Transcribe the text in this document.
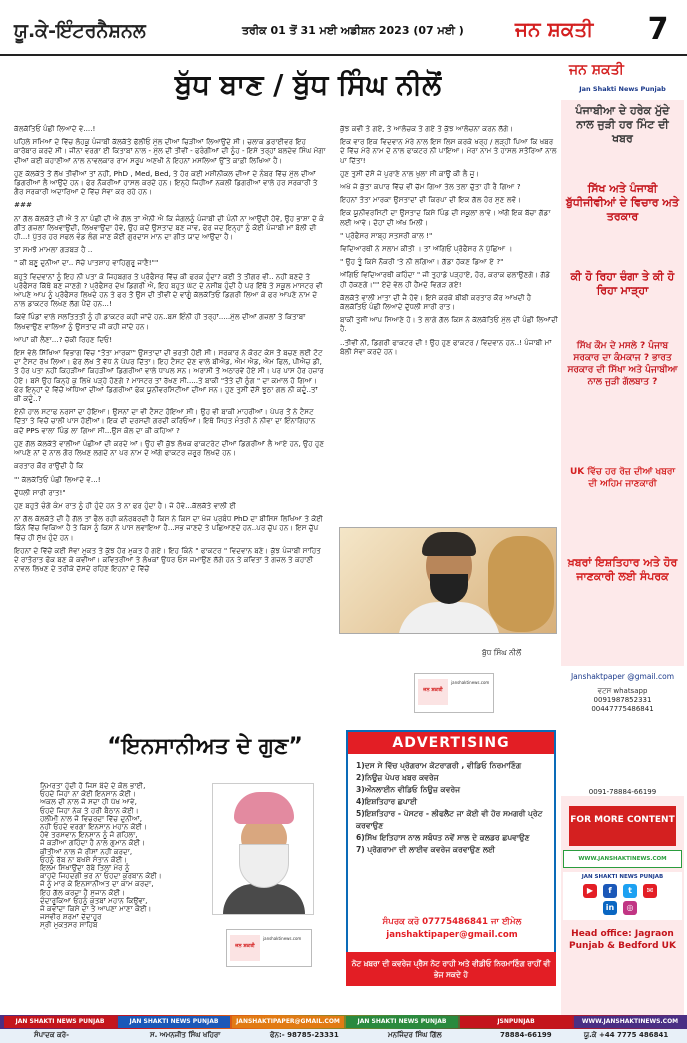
ਯੂ.ਕੇ-ਇੰਟਰਨੈਸ਼ਨਲ	ਤਰੀਕ 01 ਤੋਂ 31 ਮਈ ਅਡੀਸ਼ਨ 2023 (07 ਮਈ )	ਜਨ ਸ਼ਕਤੀ	7
ਬੁੱਧ ਬਾਣ / ਬੁੱਧ ਸਿੰਘ ਨੀਲੋਂ

ਕੱਲਕੱਤਿਓਂ ਪੰਛੀ ਲਿਆਦੇ ਵੇ....!

ਪਹਿਲੇ ਸਮਿਆਂ ਦੇ ਵਿੱਚ ਲੋਹਕੂ ਪੰਜਾਬੀ ਕੱਲਕੱਤੇ ਫੱਲੀਓ ਮੁੱਲ ਦੀਆਂ ਚਿੜੀਆਂ ਲਿਆਉਂਦੇ ਸੀ। ਚਲਾਕ ਡਰਾਈਵਰ ਇਹ ਕਾਰੋਬਾਰ ਕਰਦੇ ਸੀ। ਜੀਨਾ ਵਰਗਾ ਈ ਕਿਤਾਬਾਂ ਨਾਲ - ਮੁੱਲ ਦੀ ਤੀਵੀਂ - ਫਰੰਗੀਆਂ ਦੀ ਨੂੰਹ - ਇਸੇ ਤਰ੍ਹਾਂ ਬਲਦੇਵ ਸਿੰਘ ਮੋਗਾ ਦੀਆਂ ਕਈ ਕਹਾਣੀਆਂ ਨਾਲ ਨਾਵਲਕਾਰ ਰਾਮ ਸਰੂਪ ਅਣਖੀ ਨੇ ਇਹਨਾਂ ਮਸਲਿਆਂ ਉੱਤੇ ਕਾਫ਼ੀ ਲਿਖਿਆ ਹੈ।

ਹੁਣ ਕੱਲਕੱਤੇ ਤੋਂ ਲੱਖ ਤੀਵੀਆਂ ਤਾਂ ਨਹੀਂ, PhD , Med, Bed, ਤੇ ਹੋਰ ਕਈ ਮਸ਼ੀਨੀਕਲ ਦੀਆਂ ਦੇ ਨੰਬਰ ਵਿੱਚ ਮੁੱਲ ਦੀਆਂ ਡਿਗਰੀਆਂ ਲੈ ਆਉਂਦੇ ਹਨ। ਫੇਰ ਨੌਕਰੀਆਂ ਹਾਸਲ ਕਰਦੇ ਹਨ। ਇਨ੍ਹੇ ਜਿਹੀਆਂ ਨਕਲੀ ਡਿਗਰੀਆਂ ਵਾਲੇ ਹਰ ਸਰਕਾਰੀ ਤੇ ਗੈਰ ਸਰਕਾਰੀ ਅਦਾਰਿਆਂ ਦੇ ਵਿੱਚ ਸੇਵਾ ਕਰ ਰਹੇ ਹਨ।

###

ਨਾ ਗੱਲ ਕੱਲਕੱਤੇ ਦੀ ਐ ਤੇ ਨਾ ਪੰਛੀ ਦੀ ਐ ਗੱਲ ਤਾਂ ਐਨੀ ਐ ਕਿ ਜੰਗਲਨੂੰ ਪੰਜਾਬੀ ਦੀ ਪੰਨੀ ਨਾ ਆਉਂਦੀ ਹੋਵੇ, ਉਹ ਭਾਸ਼ਾ ਦੇ ਕੰ ਗੀਤ ਗਜ਼ਲਾਂ ਲਿਖਵਾਉਂਦੀ, ਲਿਖਵਾਉਂਦਾ ਹੋਵੇ, ਉਹ ਕਦੋਂ ਉਸਤਾਦ ਬਣ ਜਾਵ, ਫੇਰ ਜਦ ਇਨ੍ਹਾਂ ਨੂੰ ਕੋਈ ਪੰਜਾਬੀ ਮਾਂ ਬੋਲੀ ਦੀ ਹੀ...! ਪੁੱਤਰ ਹਰ ਸਫਲ ਵੰਡ ਲੰਗ ਜਾਣ ਕੋਈ ਗੁਰਦਾਸ ਮਾਨ ਦਾ ਗੀਤ ਯਾਦ ਆਉਂਦਾ ਹੈ।

ਤਾਂ ਸਮਝੋ ਮਾਮਲਾ ਗੜਬੜ ਹੈ ..

" ਕੀ ਬਣੂ ਦੁਨੀਆਂ ਦਾ.. ਸੱਚੇ ਪਾਤਸ਼ਾਹ ਵਾਹਿਗੁਰੂ ਜਾਣੈ!""

ਬਹੁਤੇ ਵਿਦਵਾਨਾਂ ਨੂੰ ਇਹ ਨੀ ਪਤਾ ਕੇ ਜਿਹਬਗਰ ਤੇ ਪ੍ਰੋਫੈਸਰ ਵਿੱਚ ਕੀ ਫਰਕ ਹੁੰਦਾ? ਕਈ ਤੇ ਤੀਗਰ ਵੀ.. ਨਹੀਂ ਬਣਦੇ ਤੇ ਪ੍ਰੋਫੈਸਰ ਕਿੱਥੇ ਬਣ ਜਾਣਗੇ ? ਪ੍ਰੋਫੈਸਰ ਦੇਖ ਡਿਗਰੀ ਐ, ਇਹ ਬਹੁਤ ਘੱਟ ਦੇ ਨਸੀਬ ਹੁੰਦੀ ਹੈ ਪਰ ਇੱਥੇ ਤੇ ਸਕੂਲ ਮਾਸਟਰ ਵੀ ਆਪਣੇ ਆਪ ਨੂੰ ਪ੍ਰੋਫੈਸਰ ਲਿਖਦੇ ਹਨ ਤੇ ਫਰ ਤੋਂ ਉਸ ਦੀ ਤੀਵੀਂ ਦੇ ਵਾਂਗੂੰ ਕੱਲਕੱਤਿਓਂ ਡਿਗਰੀ ਲਿਆ ਕੇ ਫਰ ਆਪਣੇ ਨਾਮ ਦੇ ਨਾਲ ਡਾਕਟਰ ਲਿਖਣ ਲੱਗ ਪੈਂਦੇ ਹਨ...!

ਕਿਵੇਂ ਪਿੰਡਾਂ ਵਾਲੇ ਸਲਤਿਤਤੀ ਨੂੰ ਹੀ ਡਾਕਟਰ ਕਹੀ ਜਾਂਦੇ ਹਨ..ਬਸ ਇੰਨੀ ਹੀ ਤਰ੍ਹਾਂ.....ਮੁੱਲ ਦੀਆਂ ਗਜ਼ਲਾਂ ਤੇ ਕਿਤਾਬਾਂ ਲਿਖਵਾਉਣ ਵਾਲਿਆਂ ਨੂੰ ਉਸਤਾਦ ਜੀ ਕਹੀ ਜਾਂਦੇ ਹਨ।

ਆਪਾਂ ਕੀ ਲੈਣਾ...? ਚੱਕੀ ਰਿਹਣ ਦਿਓ!

ਇਸ ਵੇਲੇ ਸਿੱਖਿਆ ਵਿਭਾਗ ਵਿੱਚ "ਤੋਤਾ ਮਾਰਕਾ" ਉਸਤਾਦਾਂ ਦੀ ਭਰਤੀ ਹੋਈ ਸੀ। ਸਰਕਾਰ ਨੇ ਕੋਰਟ ਕੇਸ ਤੋਂ ਬਚਣ ਲਈ ਟੋਟ ਦਾ ਟੈਸਟ ਰੱਖ ਲਿਆ। ਫੇਰ ਲੱਖ ਤੋਂ ਵੱਧ ਨੇ ਪੇਪਰ ਦਿੱਤਾ। ਇਹ ਟੈਸਟ ਦੇਣ ਵਾਲੇ ਬੀਐਡ, ਐਮ ਐਡ, ਐਮ ਫਿਲ, ਪੀਐਚ ਡੀ, ਤੇ ਹੋਰ ਪਤਾ ਨਹੀਂ ਕਿਹੜੀਆਂ ਕਿਹੜੀਆਂ ਡਿਗਰੀਆਂ ਵਾਲੇ ਧਾਪਲ ਸਨ। ਅਰਾਸੀ ਤੋਂ ਅਠਾਰਵੇਂ ਹੋਏ ਸੀ। ਪਰ ਪਾਸ ਹੋਰ ਹਜ਼ਾਰ ਹੋਏ। ਬਸੇ ਉਹ ਕਿਨ੍ਹੇ ਕੁ ਲਿਖੇ ਪੜ੍ਹੇ ਹੋਣਗੇ ? ਮਾਸਟਰ ਤਾਂ ਰੱਖਣ ਸੀ.....ਤੇ ਬਾਕੀ "ਤੋਤੇ ਦੀ ਠੁੰਗ " ਦਾ ਕਮਾਲ ਹੋ ਗਿਆ। ਫੇਰ ਇਨ੍ਹਾਂ ਦੇ ਵਿੱਚੋਂ ਅੱਧਿਆਂ ਦੀਆਂ ਡਿਗਰੀਆਂ ਫੇਕ ਯੂਨੀਵਰਸਿਟੀਆਂ ਦੀਆਂ ਸਨ। ਹੁਣ ਤੁਸੀਂ ਦੱਸੋ ਝੂਠਾ ਗਲ ਨੀ ਕਦੂੰ..ਤਾਂ ਕੀ ਕਦੂੰ..?

ਏਨੀ ਹਾਲ ਸਟਾਫ ਨਰਸਾਂ ਦਾ ਹੋਇਆ। ਉਸਨਾਂ ਦਾ ਵੀ ਟੈਸਟ ਹੋਇਆ ਸੀ। ਉਹ ਵੀ ਬਾਕੀ ਮਾਹਰੀਆਂ। ਪੇਪਰ ਤੋਂ ਨੇ ਟੈਸਟ ਦਿੱਤਾ ਤੇ ਵਿਚੋਂ ਚਾਲੀ ਪਾਸ ਹੋਈਆਂ। ਇਕ ਦੀ ਦਰਸਦੀ ਗਰਦੀ ਕਰਿਓਆਂ। ਇਥੇ ਸਿਹਤ ਮੰਤਰੀ ਨੇ ਨੀਵਾ ਦਾ ਇੰਨਾਗਿਹਾਨ ਕਦੋਂ PPS ਵਾਲਾ ਪਿੰਡ ਲਾ ਗਿਆ ਸੀ...ਉਸ ਕੋਲ ਦਾ ਕੀ ਕਹਿਆ ?

ਹੁਣ ਗੱਲ ਕੱਲਕੱਤੇ ਵਾਲੀਆਂ ਪੰਛੀਆਂ ਦੀ ਕਰਦੇ ਆਂ। ਉਹ ਵੀ ਕੁੱਝ ਲੋਖਕ ਫਾਕਟਰੇਟ ਦੀਆਂ ਡਿਗਰੀਆਂ ਲੈ ਆਏ ਹਨ, ਉਹ ਹੁਣ ਆਪਣੇ ਨਾਂ ਦੇ ਨਾਲ ਗੋਰ ਲਿਖਣ ਲਗਦੇ ਨਾ ਪਰ ਨਾਮ ਦੇ ਅੱਗੇ ਫਾਕਟਰ ਜ਼ਰੂਰ ਲਿਖਦੇ ਹਨ।

ਕਰਤਾਰ ਕੌਰ ਰਾਉਂਦੀ ਹੈ ਕਿ

"' ਕੱਲਕੱਤਿਓਂ ਪੰਛੀ ਲਿਆਦੇ ਵੇ...!

ਦੁੱਧਲੀ ਸਾਰੀ ਰਾਤ!"

ਹੁਣ ਬਹੁਤੇ ਚੰਗੇ ਕੰਮ ਰਾਤ ਨੂੰ ਹੀ ਹੁੰਦੇ ਹਨ ਤੇ ਨਾ ਫਰ ਹੁੰਦਾ ਹੈ। ਜੇ ਹੋਵੇ...ਕੱਲਕੱਤੇ ਵਾਲੀ ਈ

ਨਾ ਗੱਲ ਕੱਲਕੱਤੇ ਦੀ ਹੈ ਗੱਲ ਤਾਂ ਫੈਲ ਰਹੀ ਕਨੇਰਬਰਦੀ ਹੈ ਕਿਸ ਨੇ ਕਿਸ ਦਾ ਖੇਜ ਪ੍ਰਬੰਧ PhD ਦਾ ਬੀਸਿਸ ਲਿਖਿਆ ਤੇ ਕੋਈ ਕਿੰਨੇ ਵਿੱਚ ਵਿਕਿਆ ਹੈ ਤੇ ਕਿਸ ਨੂੰ ਕਿਸ ਨੇ ਪਾਸ ਲਵਾਇਆ ਹੈ...ਸਭ ਜਾਣਦੇ ਤੇ ਪਛਿਆਣਦੇ ਹਨ..ਪਰ ਚੁੱਪ ਹਨ। ਇਸ ਚੁੱਪ ਵਿੱਚ ਹੀ ਸੁੱਖ ਹੁੰਦੇ ਹਨ।

ਇਹਨਾਂ ਦੇ ਵਿੱਚੋਂ ਕਈ ਸੋਵਾ ਮੁਕਤ ਤੇ ਕੁੱਝ ਹੋਰ ਮੁਕਤ ਹੋ ਗਏ। ਇਹ ਕਿੰਨੇ " ਫਾਕਟਰ " ਵਿਦਵਾਨ ਬਣੇ। ਕੁੱਝ ਪੰਜਾਬੀ ਸਾਹਿਤ ਦੇ ਰਾਤੋਰਾਤ ਫੋਕ ਬਣ ਕੇ ਕਵੀਆਂ। ਕਵਿਤਰੀਆਂ ਤੇ ਲੋਖਕਾਂ ਉਧਰ ਓਸ ਜਮਾਉਣ ਲੱਗੇ ਹਨ ਤੇ ਕਵਿਤਾ ਤੇ ਗਜ਼ਲ ਤੇ ਕਹਾਣੀ ਨਾਵਲ ਲਿਖਣ ਦੇ ਤਰੀਕੇ ਦੱਸਦੇ ਰਹਿਣ ਇਹਨਾਂ ਦੇ ਵਿੱਚੋਂ

ਕੁੱਝ ਕਵੀ ਤੇ ਗਏ, ਤੇ ਆਲੋਚਕ ਤੇ ਗਏ ਤੇ ਕੁੱਝ ਆਲੋਚਨਾ ਕਰਨ ਲੱਗੇ।

ਇਕ ਵਾਰ ਇਕ ਵਿਦਵਾਨ ਮੇਰੇ ਨਾਲ ਇਸ ਲਿਸ ਕਰਕੇ ਖਰ੍ਹ / ਲੜ੍ਹੀ ਪਿਆ ਕਿ ਖਬਰ ਦੇ ਵਿੱਚ ਮੇਰੇ ਨਾਮ ਦੇ ਨਾਲ ਫਾਕਟਰ ਨੀ ਪਾਇਆ। ਮੇਰਾ ਨਾਮ ਤੇ ਹਾਸਲ ਸਤੋਰਿਆਂ ਨਾਲ ਪਾ ਦਿੱਤਾ!

ਹੁਣ ਤੁਸੀਂ ਦੱਸੋ ਜੇ ਪੁਰਾਣੇ ਨਾਲ ਖੁਲਾ ਸੀ ਕਾਊਂ ਕੀ ਲੈ ਜੂ।

ਅਖੇ ਜੇ ਕੁੱਤਾ ਕਪਾਰ ਵਿੱਚ ਵੀ ਚੱਮ ਗਿਆ ਤੇਲ ਤਲਾ ਚੁੱਤਾ ਹੀ ਰੈ ਗਿਆ ?

ਇਹਨਾਂ ਤੋਤਾ ਮਾਰਕਾ ਉਸਤਾਦਾਂ ਦੀ ਕਿਰਪਾ ਦੀ ਇਕ ਗੱਲ ਹੋਰ ਸੁਣ ਲਵੋ।

ਇਕ ਯੂਨੀਵਰਸਿਟੀ ਦਾ ਉਸਤਾਦ ਕਿਸੇ ਪਿੰਡ ਦੀ ਸਕੂਲਾਂ ਲਾਵੇ। ਅੱਗੋਂ ਇਕ ਬੱਚਾ ਗੱਡਾ ਲਈ ਆਵੇ। ਦੋਹਾਂ ਦੀ ਅੱਖ ਮਿਲੀ।

" ਪ੍ਰੋਫੈਸਰ ਸਾਬ੍ਹ ਸਤਸਰੀ ਕਾਲ !"

ਵਿਦਿਆਰਥੀ ਨੇ ਸਲਾਮ ਕੀਤੀ । ਤਾਂ ਅੱਗਿਓਂ ਪ੍ਰੋਫੈਸਰ ਨੇ ਪੁੱਛਿਆ ।

" ਉਹ ਤੂੰ ਕਿਸੇ ਨੌਕਰੀ 'ਤੇ ਨੀ ਲਗਿਆ। ਗੱਡਾ ਹੱਕਣ ਡਿਆ ਏ ?"

ਅੱਗਿਓਂ ਵਿਦਿਆਰਥੀ ਕਹਿੰਦਾ " ਜੀ ਤੁਹਾਡੇ ਪੜ੍ਹਾਏ, ਹੋਰ, ਕਰਾਕ ਫਲਾਉਣਗੇ। ਗੱਡੇ ਹੀ ਹੱਕਣਗੇ।"" ਏਦੇ ਵੇਲ ਹੀ ਹੈਂਮਦੇ ਵਿਗੜ ਗਏ!

ਕੱਲਕੱਤੇ ਵਾਲੀ ਮਾਤਾ ਦੀ ਜੈ ਹੋਵੇ। ਇਸੇ ਕਰਕੇ ਬੀਬੀ ਕਰਤਾਰ ਕੌਰ ਆਖਦੀ ਹੈ ਕੱਲਕੱਤਿਓਂ ਪੰਛੀ ਲਿਆਦੇ ਦੁੱਧਲੀ ਸਾਰੀ ਰਾਤ।

ਬਾਕੀ ਤੁਸੀਂ ਆਪ ਸਿਆਣੇ ਹੋ। ਤੇ ਲਾਗੇ ਗੱਲ ਕਿਸ ਨੇ ਕੱਲਕੱਤਿਓਂ ਮੁੱਲ ਦੀ ਪੰਛੀ ਲਿਆਂਦੀ ਹੈ.

..ਤੀਵੀਂ ਨੀ, ਡਿਗਰੀ ਫਾਕਟਰ ਦੀ ! ਉਹ ਹੁਣ ਫਾਕਟਰ / ਵਿਦਵਾਨ ਹਨ..! ਪੰਜਾਬੀ ਮਾਂ ਬੋਲੀ ਸੇਵਾ ਕਰਦੇ ਹਨ।

ਬੁੱਧ ਸਿੰਘ ਨੀਲੋਂ
ਜਨ ਸ਼ਕਤੀ
janshaktinews.com
“ਇਨਸਾਨੀਅਤ ਦੇ ਗੁਣ”
ਨਿਮਰਤਾ ਹੁੰਦੀ ਹੈ ਜਿਸ ਬੰਦੇ ਦੇ ਕੋਲ ਭਾਈ,
ਓਹਦੇ ਜਿਹਾ ਨਾ ਕੋਈ ਇਨਸਾਨ ਕੋਈ।
ਅਕਲ ਦੀ ਨਾਲ ਜੋ ਸਦਾ ਹੀ ਪੱਖ ਆਵੇ,
ਓਹਦੇ ਜਿਹਾ ਨੇਕ ਤੇ ਹਰੀ ਬੈਠਾਨ ਕੋਈ।
ਹਲੀਮੀ ਨਾਲ ਜੋ ਵਿਚਰਦਾ ਵਿੱਚ ਦੁਨੀਆਂ,
ਨਹੀਂ ਓਹਦੇ ਵਰਗਾ ਇਨਸਾਨ ਮਹਾਨ ਕੋਈ।
ਹੋਵੇ ਤਰਸਵਾਨ ਇਨਸਾਨ ਨੂੰ ਜੋ ਗਹਿਲਾ,
ਜੋ ਕੜੀਆ ਗਹਿੰਦਾ ਹੈ ਨਾਲ ਗੁਮਾਨ ਕੋਈ।
ਕੀਤੀਆਂ ਨਾਲ ਜੋ ਰੀਸਾਂ ਨਹੀਂ ਕਰਦਾ,
ਓਹਨੂੰ ਰੱਬ ਨਾ ਬਖਸ਼ੇ ਸੰਤਾਨ ਕੋਈ।
ਇਲਮ ਸਿਖਾਉਂਦਾ ਰੱਬੇ ਤਿਲਾਂ ਮੇਰ ਨੂੰ
ਕਾਹਦੇ ਜਿਹਦਗੀ ਭਰ ਨਾ ਓਹਦਾ ਕੁਰਬਾਨ ਕੋਈ।
ਜੋ ਨੂੰ ਮਾਰ ਕੇ ਇਨਸਾਨੀਅਤ ਦਾ ਕਾਮ ਕਰਦਾ,
ਇਹ ਗੱਲ ਕਰਦਾ ਹੈ ਸੁਜਾਨ ਕੋਈ।
ਦੰਦਾਰੂਕਿਆ ਓਹਨੂੰ ਕੁਤਬਾਂ ਮਹਾਨ ਕਿਉਂਵਾ,
ਜੋ ਕਵਾਂਦਾ ਕਿਸੇ ਦਾ ਤੇ ਆਪਣਾ ਮਾਣਾ ਕੋਈ।
ਜਸਵੀਰ ਸ਼ਰਮਾਂ ਦੱਦਾਹੂਰ
ਸ੍ਰੀ ਮੁਕਤਸਰ ਸਾਹਿਬ
ਜਨ ਸ਼ਕਤੀ
janshaktinews.com
ADVERTISING
1)ਦਸ ਸੇ ਵਿੱਚ ਪ੍ਰੋਗਰਾਮ ਕੋਟਰਾਗਰੀ , ਵੀਡਿਓ ਨਿਰਮਾਣਿੰਗ
2)ਨਿਊਜ਼ ਪੇਪਰ ਖ਼ਬਰ ਕਵਰੇਜ
3)ਔਨਲਾਈਨ ਵੀਡਿਓ ਨਿਊਜ਼ ਕਵਰੇਜ
4)ਇਸ਼ਤਿਹਾਰ ਛਪਾਈ
5)ਇਸ਼ਤਿਹਾਰ - ਪੋਸਟਰ - ਲੀਫਲੈਟ ਜਾ ਕੋਈ ਵੀ ਹੋਰ ਸਮਗਰੀ ਪ੍ਰੇਟ ਕਰਵਾਉਣ
6)ਸਿੱਖ ਇਤਿਹਾਸ ਨਾਲ ਸਬੰਧਤ ਨਵੇਂ ਸਾਲ ਦੇ ਕਲਡਰ ਛਪਵਾਉਣ
7) ਪ੍ਰੋਗਰਾਮਾ ਦੀ ਲਾਈਵ ਕਵਰੇਜ ਕਰਵਾਉਣ ਲਈ
ਸੰਪਰਕ ਕਰੋ 07775486841 ਜਾ ਈਮੇਲ janshaktipaper@gmail.com
ਨੋਟ ਖ਼ਬਰਾ ਦੀ ਕਵਰੇਜ ਪ੍ਰੈਸ ਨੋਟ ਰਾਹੀ ਅਤੇ ਵੀਡੀਓ ਨਿਰਮਾਣਿੰਗ ਰਾਹੀਂ ਵੀ ਭੇਜ ਸਕਦੇ ਹੋ
ਜਨ ਸ਼ਕਤੀ
Jan Shakti News Punjab
ਪੰਜਾਬੀਆ ਦੇ ਹਰੇਕ ਮੁੱਦੇ ਨਾਲ ਜੁੜੀ ਹਰ ਮਿੰਟ ਦੀ ਖਬਰ
ਸਿੱਖ ਅਤੇ ਪੰਜਾਬੀ ਬੁੱਧੀਜੀਵੀਆਂ ਦੇ ਵਿਚਾਰ ਅਤੇ ਤਰਕਾਰ
ਕੀ ਹੋ ਰਿਹਾ ਚੰਗਾ ਤੇ ਕੀ ਹੋ ਰਿਹਾ ਮਾੜ੍ਹਾ
ਸਿੱਖ ਕੌਮ ਦੇ ਮਸਲੇ ? ਪੰਜਾਬ ਸਰਕਾਰ ਦਾ ਕੰਮਕਾਜ ? ਭਾਰਤ ਸਰਕਾਰ ਦੀ ਸਿੱਖਾ ਅਤੇ ਪੰਜਾਬੀਆ ਨਾਲ ਜੁੜੀ ਗੱਲਬਾਤ ?
UK ਵਿੱਚ ਹਰ ਰੋਜ਼ ਦੀਆਂ ਖਬਰਾ ਦੀ ਅਹਿਮ ਜਾਣਕਾਰੀ
ਖ਼ਬਰਾਂ ਇਸ਼ਤਿਹਾਰ ਅਤੇ ਹੋਰ ਜਾਣਕਾਰੀ ਲਈ ਸੰਪਰਕ
Janshaktpaper @gmail.com
ਵਟਸ whatsapp
0091987852331
00447775486841
0091-78884-66199
FOR MORE CONTENT
WWW.JANSHAKTINEWS.COM
JAN SHAKTI NEWS PUNJAB
▶	f	t	✉
in	◎
Head office: Jagraon Punjab & Bedford UK
JAN SHAKTI NEWS PUNJAB	JAN SHAKTI NEWS PUNJAB	JANSHAKTIPAPER@GMAIL.COM	JAN SHAKTI NEWS PUNJAB	JSNPUNJAB	WWW.JANSHAKTINEWS.COM
ਸੰਪਾਦਕ ਕਰੇ-	ਸ. ਅਮਨਜੀਤ ਸਿੰਘ ਖਹਿਰਾ	ਫੋਨ:- 98785-23331	ਮਨਜਿੰਦਰ ਸਿੰਘ ਗਿੱਲ	78884-66199	ਯੂ.ਕੇ +44 7775 486841
